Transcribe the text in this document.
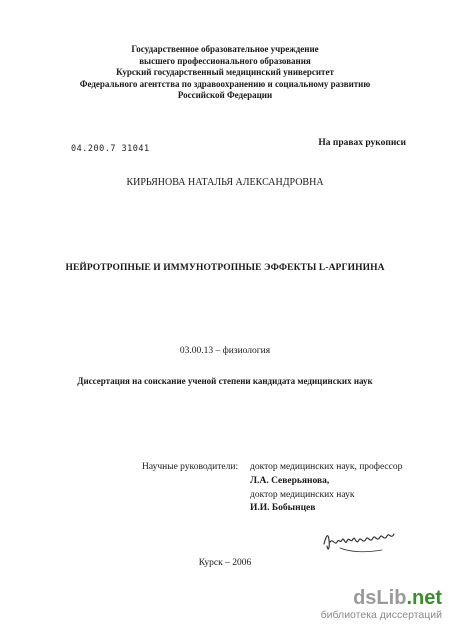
Государственное образовательное учреждение
высшего профессионального образования
Курский государственный медицинский университет
Федерального агентства по здравоохранению и социальному развитию
Российской Федерации
На правах рукописи
04.200.7 31041
КИРЬЯНОВА НАТАЛЬЯ АЛЕКСАНДРОВНА
НЕЙРОТРОПНЫЕ И ИММУНОТРОПНЫЕ ЭФФЕКТЫ L-АРГИНИНА
03.00.13 – физиология
Диссертация на соискание ученой степени кандидата медицинских наук
Научные руководители: доктор медицинских наук, профессор
Л.А. Северьянова,
доктор медицинских наук
И.И. Бобынцев
Курск – 2006
dsLib.net
библиотека диссертаций
